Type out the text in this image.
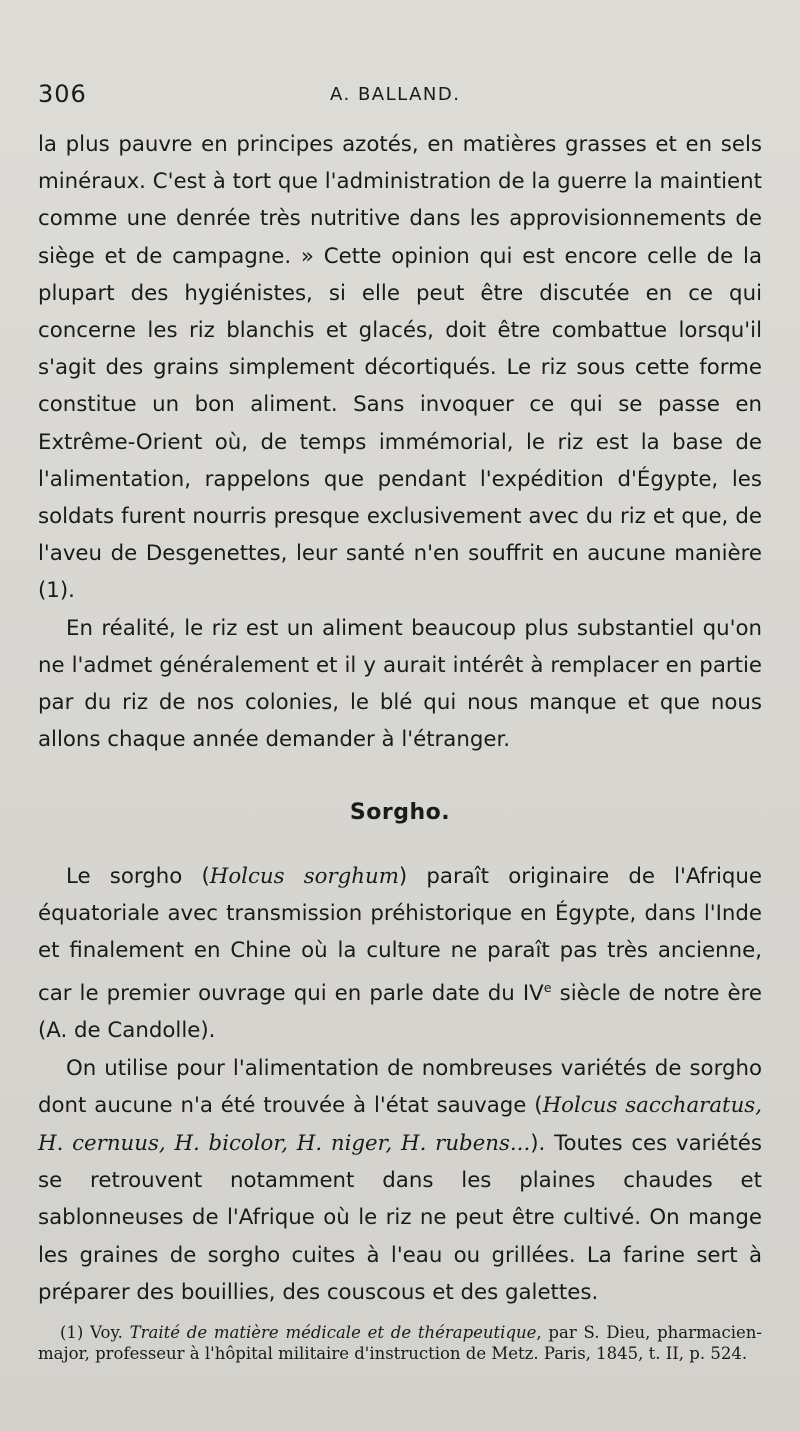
306	A. BALLAND.

la plus pauvre en principes azotés, en matières grasses et en sels minéraux. C'est à tort que l'administration de la guerre la maintient comme une denrée très nutritive dans les approvisionnements de siège et de campagne. » Cette opinion qui est encore celle de la plupart des hygiénistes, si elle peut être discutée en ce qui concerne les riz blanchis et glacés, doit être combattue lorsqu'il s'agit des grains simplement décortiqués. Le riz sous cette forme constitue un bon aliment. Sans invoquer ce qui se passe en Extrême-Orient où, de temps immémorial, le riz est la base de l'alimentation, rappelons que pendant l'expédition d'Égypte, les soldats furent nourris presque exclusivement avec du riz et que, de l'aveu de Desgenettes, leur santé n'en souffrit en aucune manière (1).

En réalité, le riz est un aliment beaucoup plus substantiel qu'on ne l'admet généralement et il y aurait intérêt à remplacer en partie par du riz de nos colonies, le blé qui nous manque et que nous allons chaque année demander à l'étranger.

Sorgho.

Le sorgho (Holcus sorghum) paraît originaire de l'Afrique équatoriale avec transmission préhistorique en Égypte, dans l'Inde et finalement en Chine où la culture ne paraît pas très ancienne, car le premier ouvrage qui en parle date du IVe siècle de notre ère (A. de Candolle).

On utilise pour l'alimentation de nombreuses variétés de sorgho dont aucune n'a été trouvée à l'état sauvage (Holcus saccharatus, H. cernuus, H. bicolor, H. niger, H. rubens...). Toutes ces variétés se retrouvent notamment dans les plaines chaudes et sablonneuses de l'Afrique où le riz ne peut être cultivé. On mange les graines de sorgho cuites à l'eau ou grillées. La farine sert à préparer des bouillies, des couscous et des galettes.

(1) Voy. Traité de matière médicale et de thérapeutique, par S. Dieu, pharmacien-major, professeur à l'hôpital militaire d'instruction de Metz. Paris, 1845, t. II, p. 524.
